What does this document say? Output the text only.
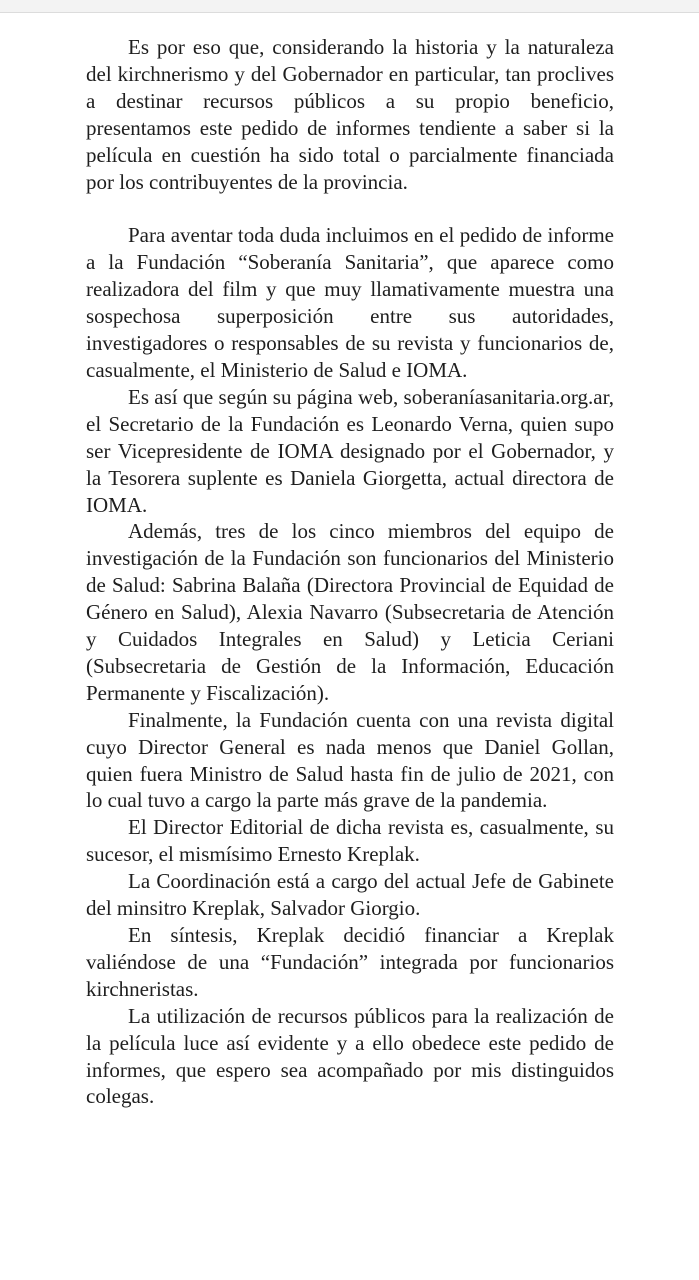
Es por eso que, considerando la historia y la naturaleza del kirchnerismo y del Gobernador en particular, tan proclives a destinar recursos públicos a su propio beneficio, presentamos este pedido de informes tendiente a saber si la película en cuestión ha sido total o parcialmente financiada por los contribuyentes de la provincia.

Para aventar toda duda incluimos en el pedido de informe a la Fundación “Soberanía Sanitaria”, que aparece como realizadora del film y que muy llamativamente muestra una sospechosa superposición entre sus autoridades, investigadores o responsables de su revista y funcionarios de, casualmente, el Ministerio de Salud e IOMA.

Es así que según su página web, soberaníasanitaria.org.ar, el Secretario de la Fundación es Leonardo Verna, quien supo ser Vicepresidente de IOMA designado por el Gobernador, y la Tesorera suplente es Daniela Giorgetta, actual directora de IOMA.

Además, tres de los cinco miembros del equipo de investigación de la Fundación son funcionarios del Ministerio de Salud: Sabrina Balaña (Directora Provincial de Equidad de Género en Salud), Alexia Navarro (Subsecretaria de Atención y Cuidados Integrales en Salud) y Leticia Ceriani (Subsecretaria de Gestión de la Información, Educación Permanente y Fiscalización).

Finalmente, la Fundación cuenta con una revista digital cuyo Director General es nada menos que Daniel Gollan, quien fuera Ministro de Salud hasta fin de julio de 2021, con lo cual tuvo a cargo la parte más grave de la pandemia.

El Director Editorial de dicha revista es, casualmente, su sucesor, el mismísimo Ernesto Kreplak.

La Coordinación está a cargo del actual Jefe de Gabinete del minsitro Kreplak, Salvador Giorgio.

En síntesis, Kreplak decidió financiar a Kreplak valiéndose de una “Fundación” integrada por funcionarios kirchneristas.

La utilización de recursos públicos para la realización de la película luce así evidente y a ello obedece este pedido de informes, que espero sea acompañado por mis distinguidos colegas.
